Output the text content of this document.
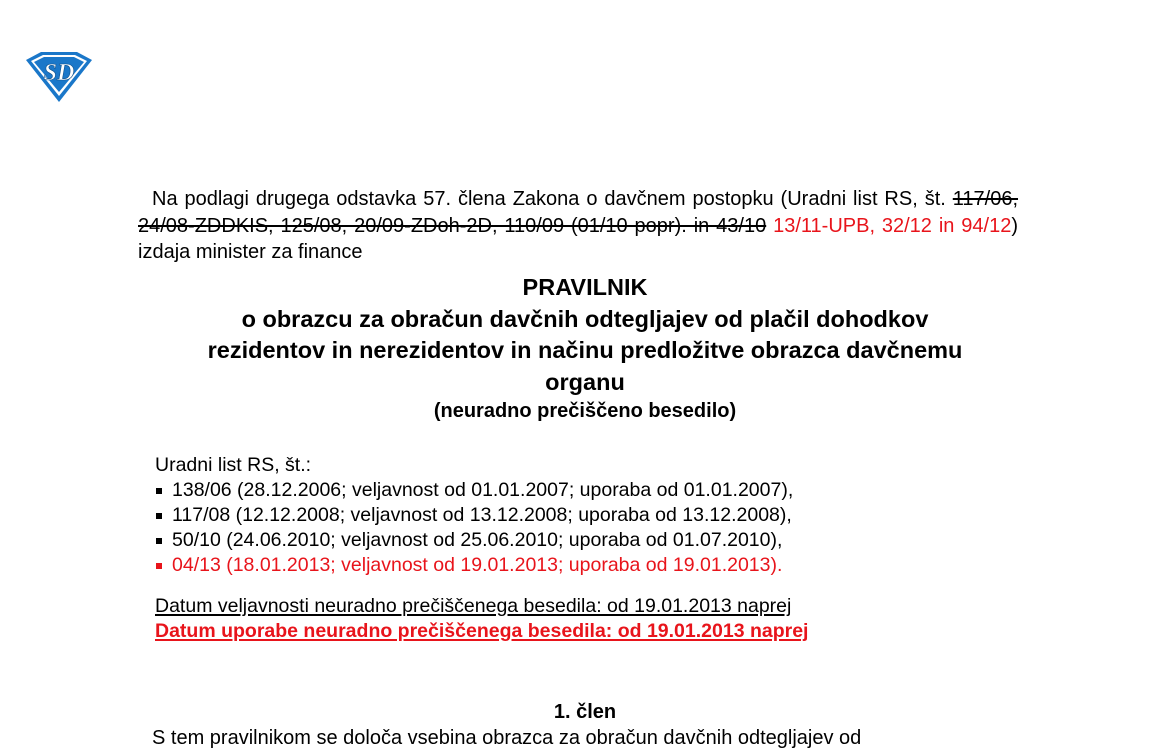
SD

Na podlagi drugega odstavka 57. člena Zakona o davčnem postopku (Uradni list RS, št. 117/06, 24/08-ZDDKIS, 125/08, 20/09-ZDoh-2D, 110/09 (01/10 popr). in 43/10 13/11-UPB, 32/12 in 94/12) izdaja minister za finance

PRAVILNIK
o obrazcu za obračun davčnih odtegljajev od plačil dohodkov
rezidentov in nerezidentov in načinu predložitve obrazca davčnemu
organu
(neuradno prečiščeno besedilo)
Uradni list RS, št.:
138/06 (28.12.2006; veljavnost od 01.01.2007; uporaba od 01.01.2007),
117/08 (12.12.2008; veljavnost od 13.12.2008; uporaba od 13.12.2008),
50/10 (24.06.2010; veljavnost od 25.06.2010; uporaba od 01.07.2010),
04/13 (18.01.2013; veljavnost od 19.01.2013; uporaba od 19.01.2013).
Datum veljavnosti neuradno prečiščenega besedila: od 19.01.2013 naprej
Datum uporabe neuradno prečiščenega besedila: od 19.01.2013 naprej
1. člen
S tem pravilnikom se določa vsebina obrazca za obračun davčnih odtegljajev od
